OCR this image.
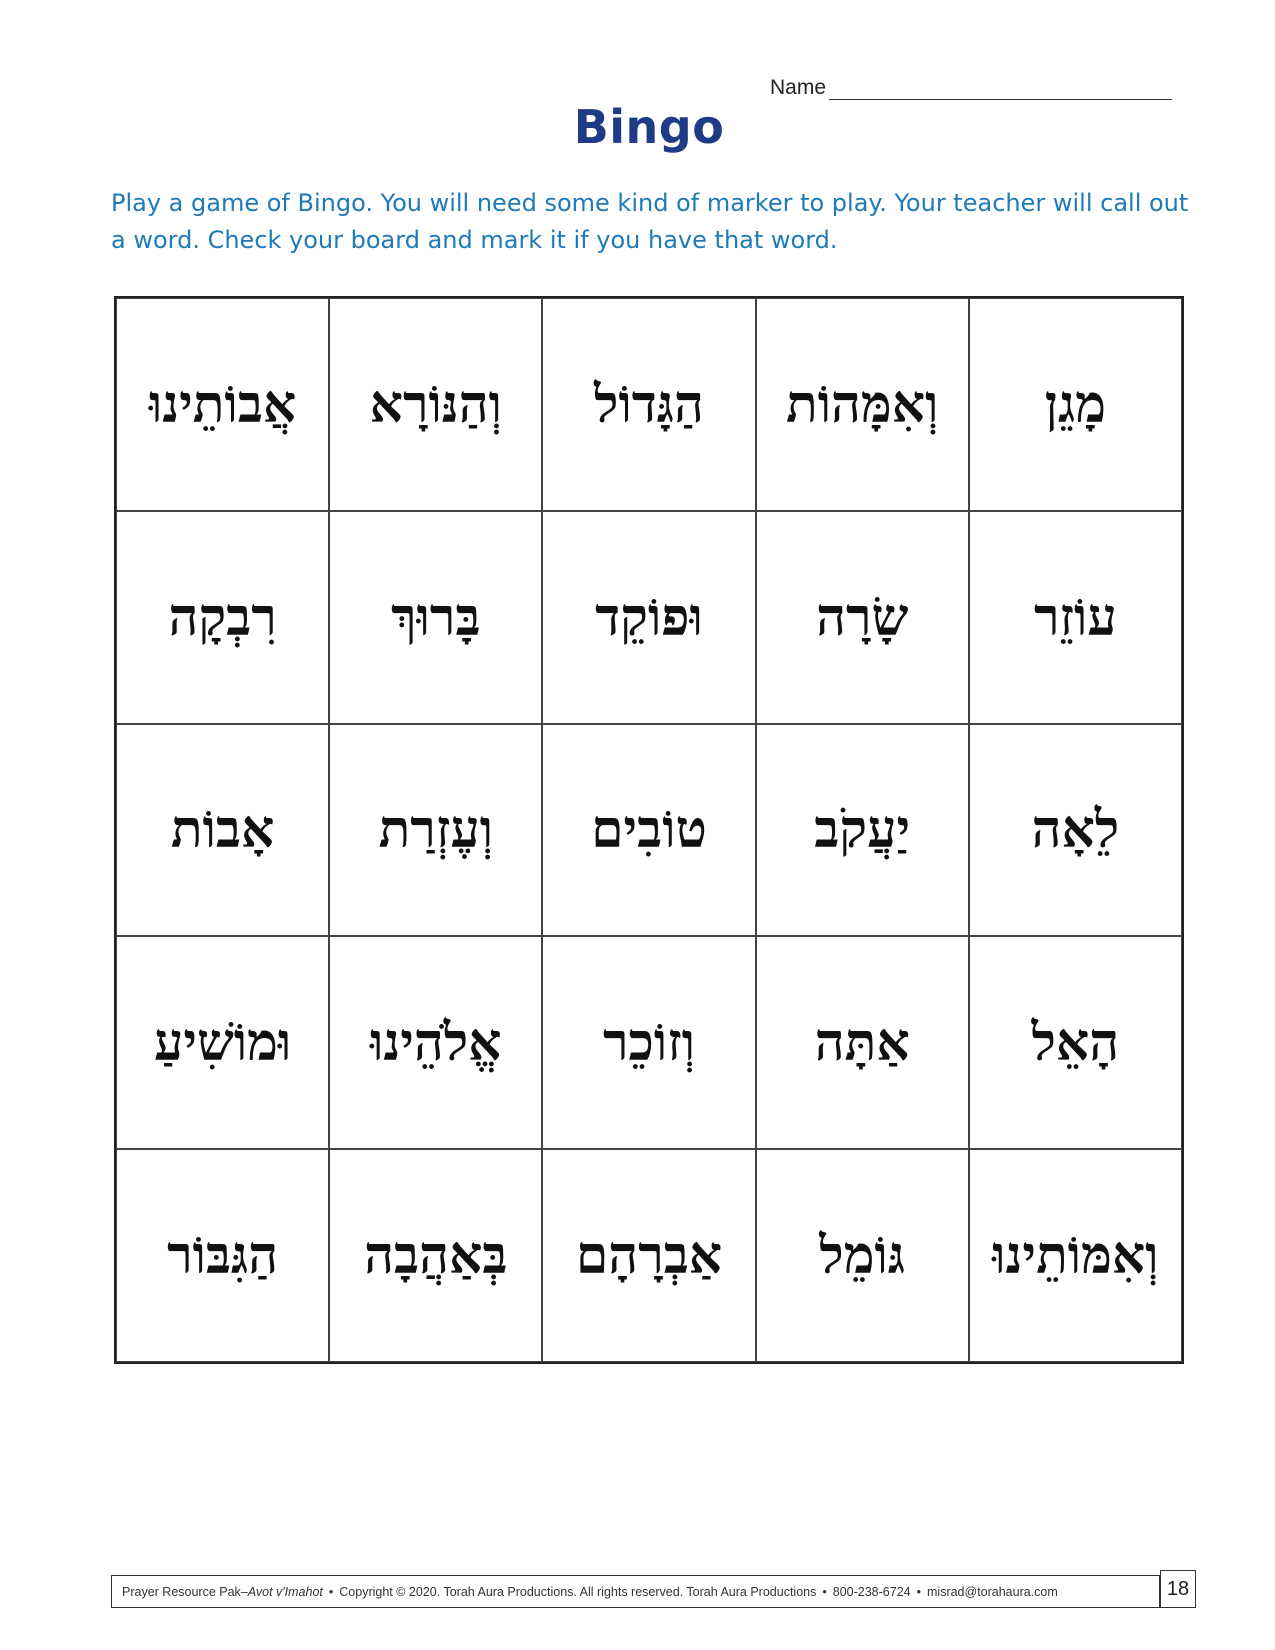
Name
Bingo

Play a game of Bingo. You will need some kind of marker to play. Your teacher will call out a word. Check your board and mark it if you have that word.

מָגֵן
וְאִמָּהוֹת
הַגָּדוֹל
וְהַנּוֹרָא
אֲבוֹתֵינוּ
עוֹזֵר
שָׂרָה
וּפוֹקֵד
בָּרוּךְ
רִבְקָה
לֵאָה
יַעֲקֹב
טוֹבִים
וְעֶזְרַת
אָבוֹת
הָאֵל
אַתָּה
וְזוֹכֵר
אֱלֹהֵינוּ
וּמוֹשִׁיעַ
וְאִמּוֹתֵינוּ
גּוֹמֵל
אַבְרָהָם
בְּאַהֲבָה
הַגִּבּוֹר
Prayer Resource Pak– Avot v'Imahot • Copyright © 2020. Torah Aura Productions. All rights reserved. Torah Aura Productions • 800-238-6724 • misrad@torahaura.com	18
